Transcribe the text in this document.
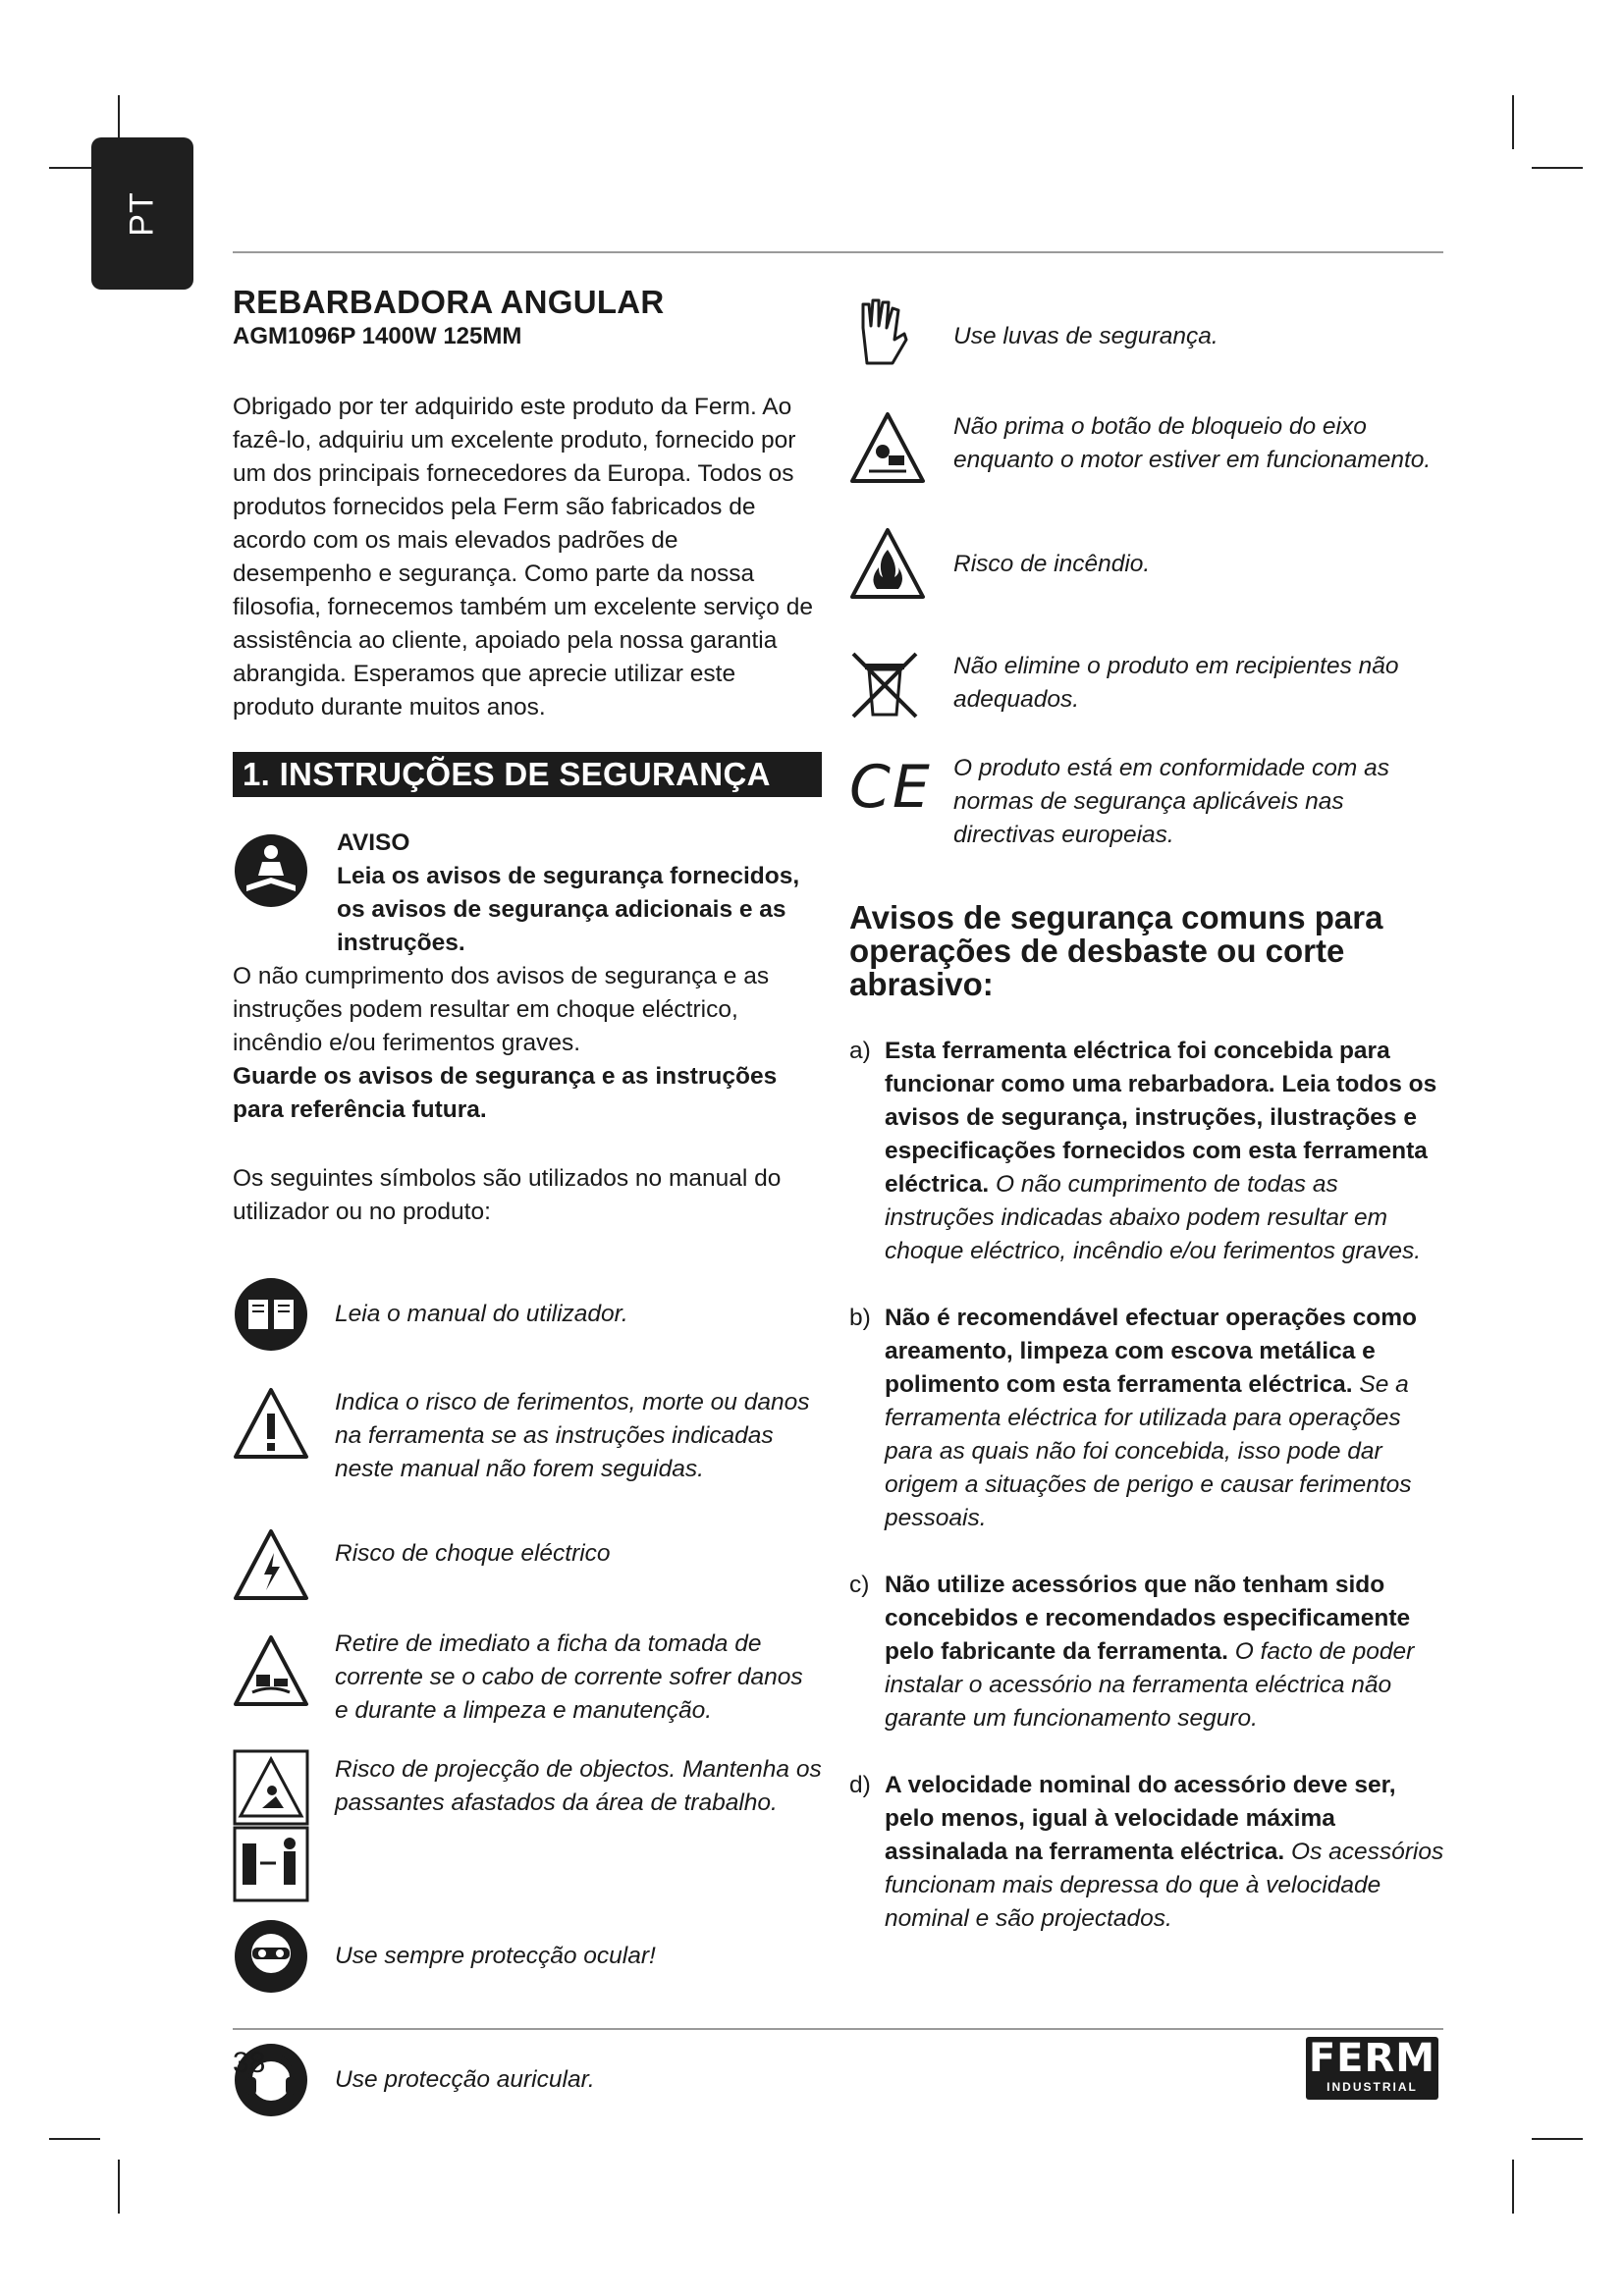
PT
REBARBADORA ANGULAR
AGM1096P 1400W 125MM

Obrigado por ter adquirido este produto da Ferm. Ao fazê-lo, adquiriu um excelente produto, fornecido por um dos principais fornecedores da Europa. Todos os produtos fornecidos pela Ferm são fabricados de acordo com os mais elevados padrões de desempenho e segurança. Como parte da nossa filosofia, fornecemos também um excelente serviço de assistência ao cliente, apoiado pela nossa garantia abrangida. Esperamos que aprecie utilizar este produto durante muitos anos.

1. INSTRUÇÕES DE SEGURANÇA
AVISO
Leia os avisos de segurança fornecidos, os avisos de segurança adicionais e as instruções.
O não cumprimento dos avisos de segurança e as instruções podem resultar em choque eléctrico, incêndio e/ou ferimentos graves.
Guarde os avisos de segurança e as instruções para referência futura.
Os seguintes símbolos são utilizados no manual do utilizador ou no produto:
Leia o manual do utilizador.
Indica o risco de ferimentos, morte ou danos na ferramenta se as instruções indicadas neste manual não forem seguidas.
Risco de choque eléctrico
Retire de imediato a ficha da tomada de corrente se o cabo de corrente sofrer danos e durante a limpeza e manutenção.
Risco de projecção de objectos. Mantenha os passantes afastados da área de trabalho.
Use sempre protecção ocular!
Use protecção auricular.
Use luvas de segurança.
Não prima o botão de bloqueio do eixo enquanto o motor estiver em funcionamento.
Risco de incêndio.
Não elimine o produto em recipientes não adequados.
CE O produto está em conformidade com as normas de segurança aplicáveis nas directivas europeias.
Avisos de segurança comuns para operações de desbaste ou corte abrasivo:
a) Esta ferramenta eléctrica foi concebida para funcionar como uma rebarbadora. Leia todos os avisos de segurança, instruções, ilustrações e especificações fornecidos com esta ferramenta eléctrica. O não cumprimento de todas as instruções indicadas abaixo podem resultar em choque eléctrico, incêndio e/ou ferimentos graves.
b) Não é recomendável efectuar operações como areamento, limpeza com escova metálica e polimento com esta ferramenta eléctrica. Se a ferramenta eléctrica for utilizada para operações para as quais não foi concebida, isso pode dar origem a situações de perigo e causar ferimentos pessoais.
c) Não utilize acessórios que não tenham sido concebidos e recomendados especificamente pelo fabricante da ferramenta. O facto de poder instalar o acessório na ferramenta eléctrica não garante um funcionamento seguro.
d) A velocidade nominal do acessório deve ser, pelo menos, igual à velocidade máxima assinalada na ferramenta eléctrica. Os acessórios funcionam mais depressa do que à velocidade nominal e são projectados.
38	FERM
INDUSTRIAL
